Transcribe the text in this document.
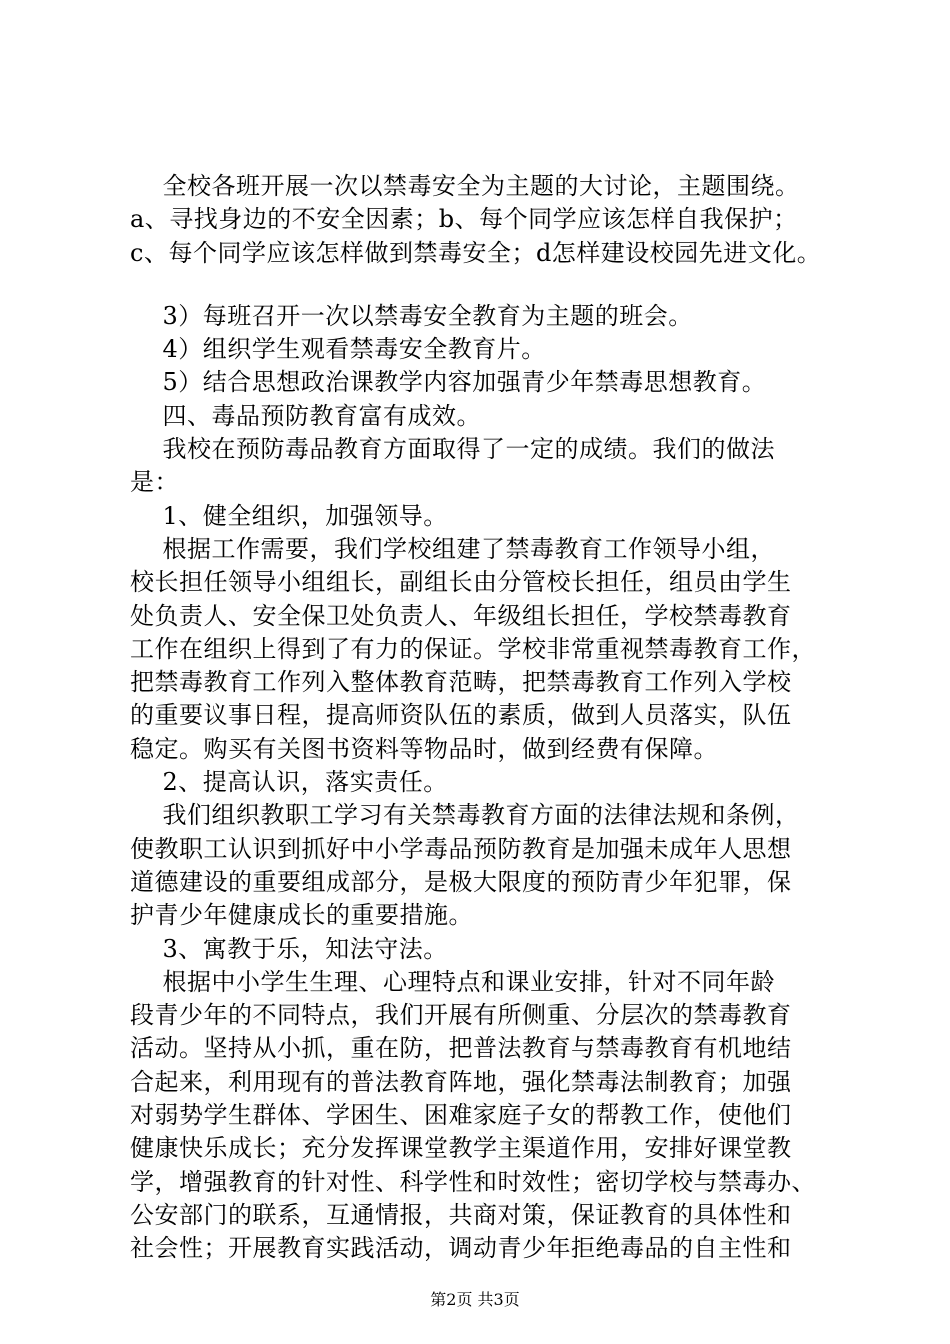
全校各班开展一次以禁毒安全为主题的大讨论，主题围绕。

a、寻找身边的不安全因素；b、每个同学应该怎样自我保护；

c、每个同学应该怎样做到禁毒安全；d怎样建设校园先进文化。

3）每班召开一次以禁毒安全教育为主题的班会。

4）组织学生观看禁毒安全教育片。

5）结合思想政治课教学内容加强青少年禁毒思想教育。

四、毒品预防教育富有成效。

我校在预防毒品教育方面取得了一定的成绩。我们的做法

是：

1、健全组织，加强领导。

根据工作需要，我们学校组建了禁毒教育工作领导小组，

校长担任领导小组组长，副组长由分管校长担任，组员由学生

处负责人、安全保卫处负责人、年级组长担任，学校禁毒教育

工作在组织上得到了有力的保证。学校非常重视禁毒教育工作，

把禁毒教育工作列入整体教育范畴，把禁毒教育工作列入学校

的重要议事日程，提高师资队伍的素质，做到人员落实，队伍

稳定。购买有关图书资料等物品时，做到经费有保障。

2、提高认识，落实责任。

我们组织教职工学习有关禁毒教育方面的法律法规和条例，

使教职工认识到抓好中小学毒品预防教育是加强未成年人思想

道德建设的重要组成部分，是极大限度的预防青少年犯罪，保

护青少年健康成长的重要措施。

3、寓教于乐，知法守法。

根据中小学生生理、心理特点和课业安排，针对不同年龄

段青少年的不同特点，我们开展有所侧重、分层次的禁毒教育

活动。坚持从小抓，重在防，把普法教育与禁毒教育有机地结

合起来，利用现有的普法教育阵地，强化禁毒法制教育；加强

对弱势学生群体、学困生、困难家庭子女的帮教工作，使他们

健康快乐成长；充分发挥课堂教学主渠道作用，安排好课堂教

学，增强教育的针对性、科学性和时效性；密切学校与禁毒办、

公安部门的联系，互通情报，共商对策，保证教育的具体性和

社会性；开展教育实践活动，调动青少年拒绝毒品的自主性和

第2页 共3页
